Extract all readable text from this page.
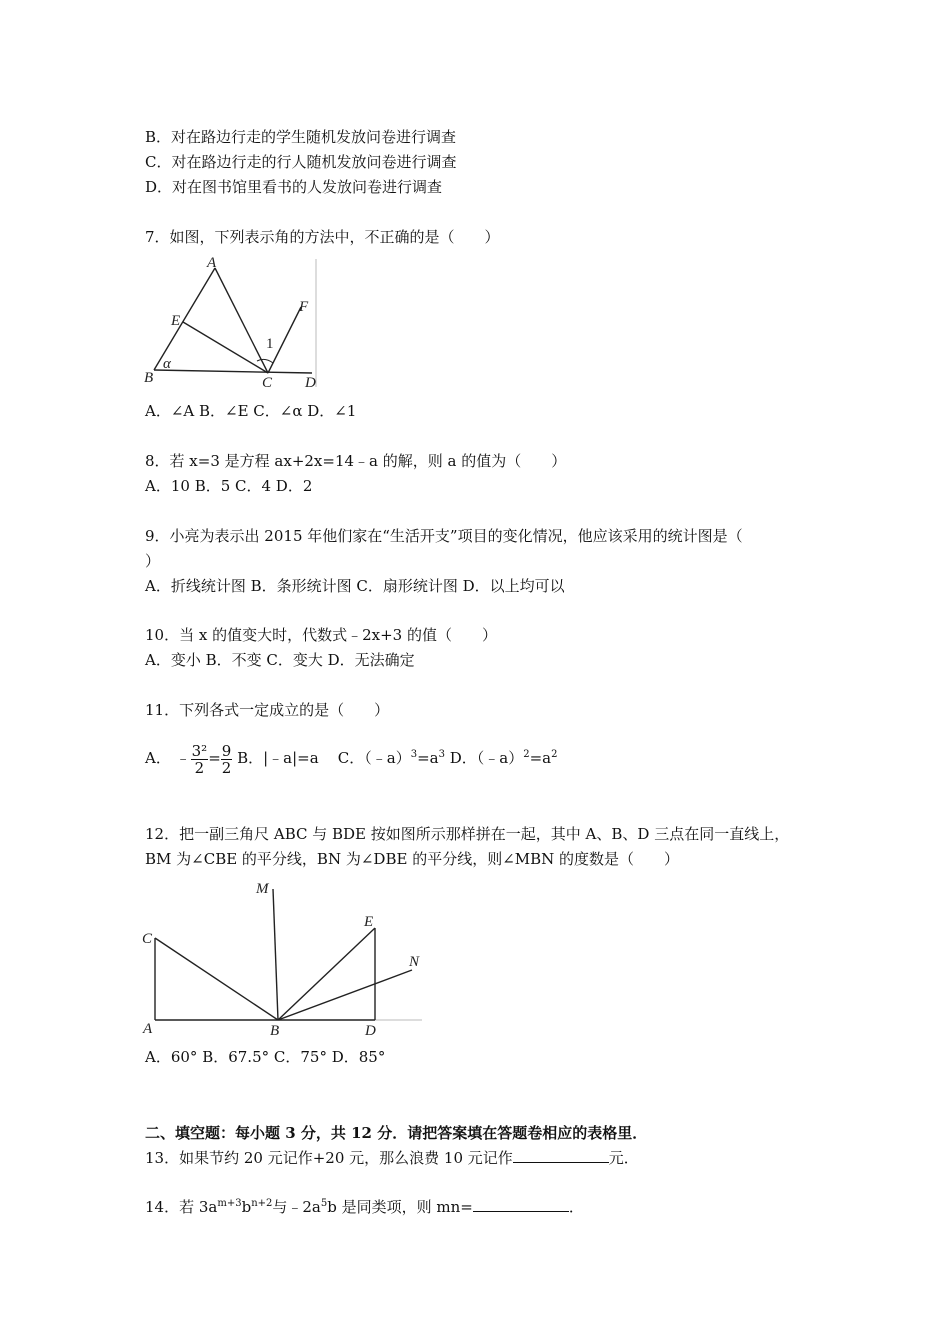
B．对在路边行走的学生随机发放问卷进行调查
C．对在路边行走的行人随机发放问卷进行调查
D．对在图书馆里看书的人发放问卷进行调查
7．如图，下列表示角的方法中，不正确的是（　　）
A
E
B	C D
F
α
1
A．∠A B．∠E C．∠α D．∠1
8．若 x=3 是方程 ax+2x=14﹣a 的解，则 a 的值为（　　）
A．10 B．5 C．4 D．2
9．小亮为表示出 2015 年他们家在“生活开支”项目的变化情况，他应该采用的统计图是（
）
A．折线统计图 B．条形统计图 C．扇形统计图 D．以上均可以
10．当 x 的值变大时，代数式﹣2x+3 的值（　　）
A．变小 B．不变 C．变大 D．无法确定
11．下列各式一定成立的是（　　）
A． ﹣ $\frac{\text{3²}}{2} = \frac{9}{2}$ B．|﹣a|=a C．$(﹣a)^3=a^3$ D．$(﹣a)^2=a^2$
12．把一副三角尺 ABC 与 BDE 按如图所示那样拼在一起，其中 A、B、D 三点在同一直线上，
BM 为∠CBE 的平分线，BN 为∠DBE 的平分线，则∠MBN 的度数是（　　）
M
C
E
N
A	B	D
A．60° B．67.5° C．75° D．85°
二、填空题：每小题 3 分，共 12 分．请把答案填在答题卷相应的表格里．
13．如果节约 20 元记作+20 元，那么浪费 10 元记作	元．
14．若 $3a^{m+3}b^{n+2}$与$﹣2a^5b$ 是同类项，则 mn=	．
